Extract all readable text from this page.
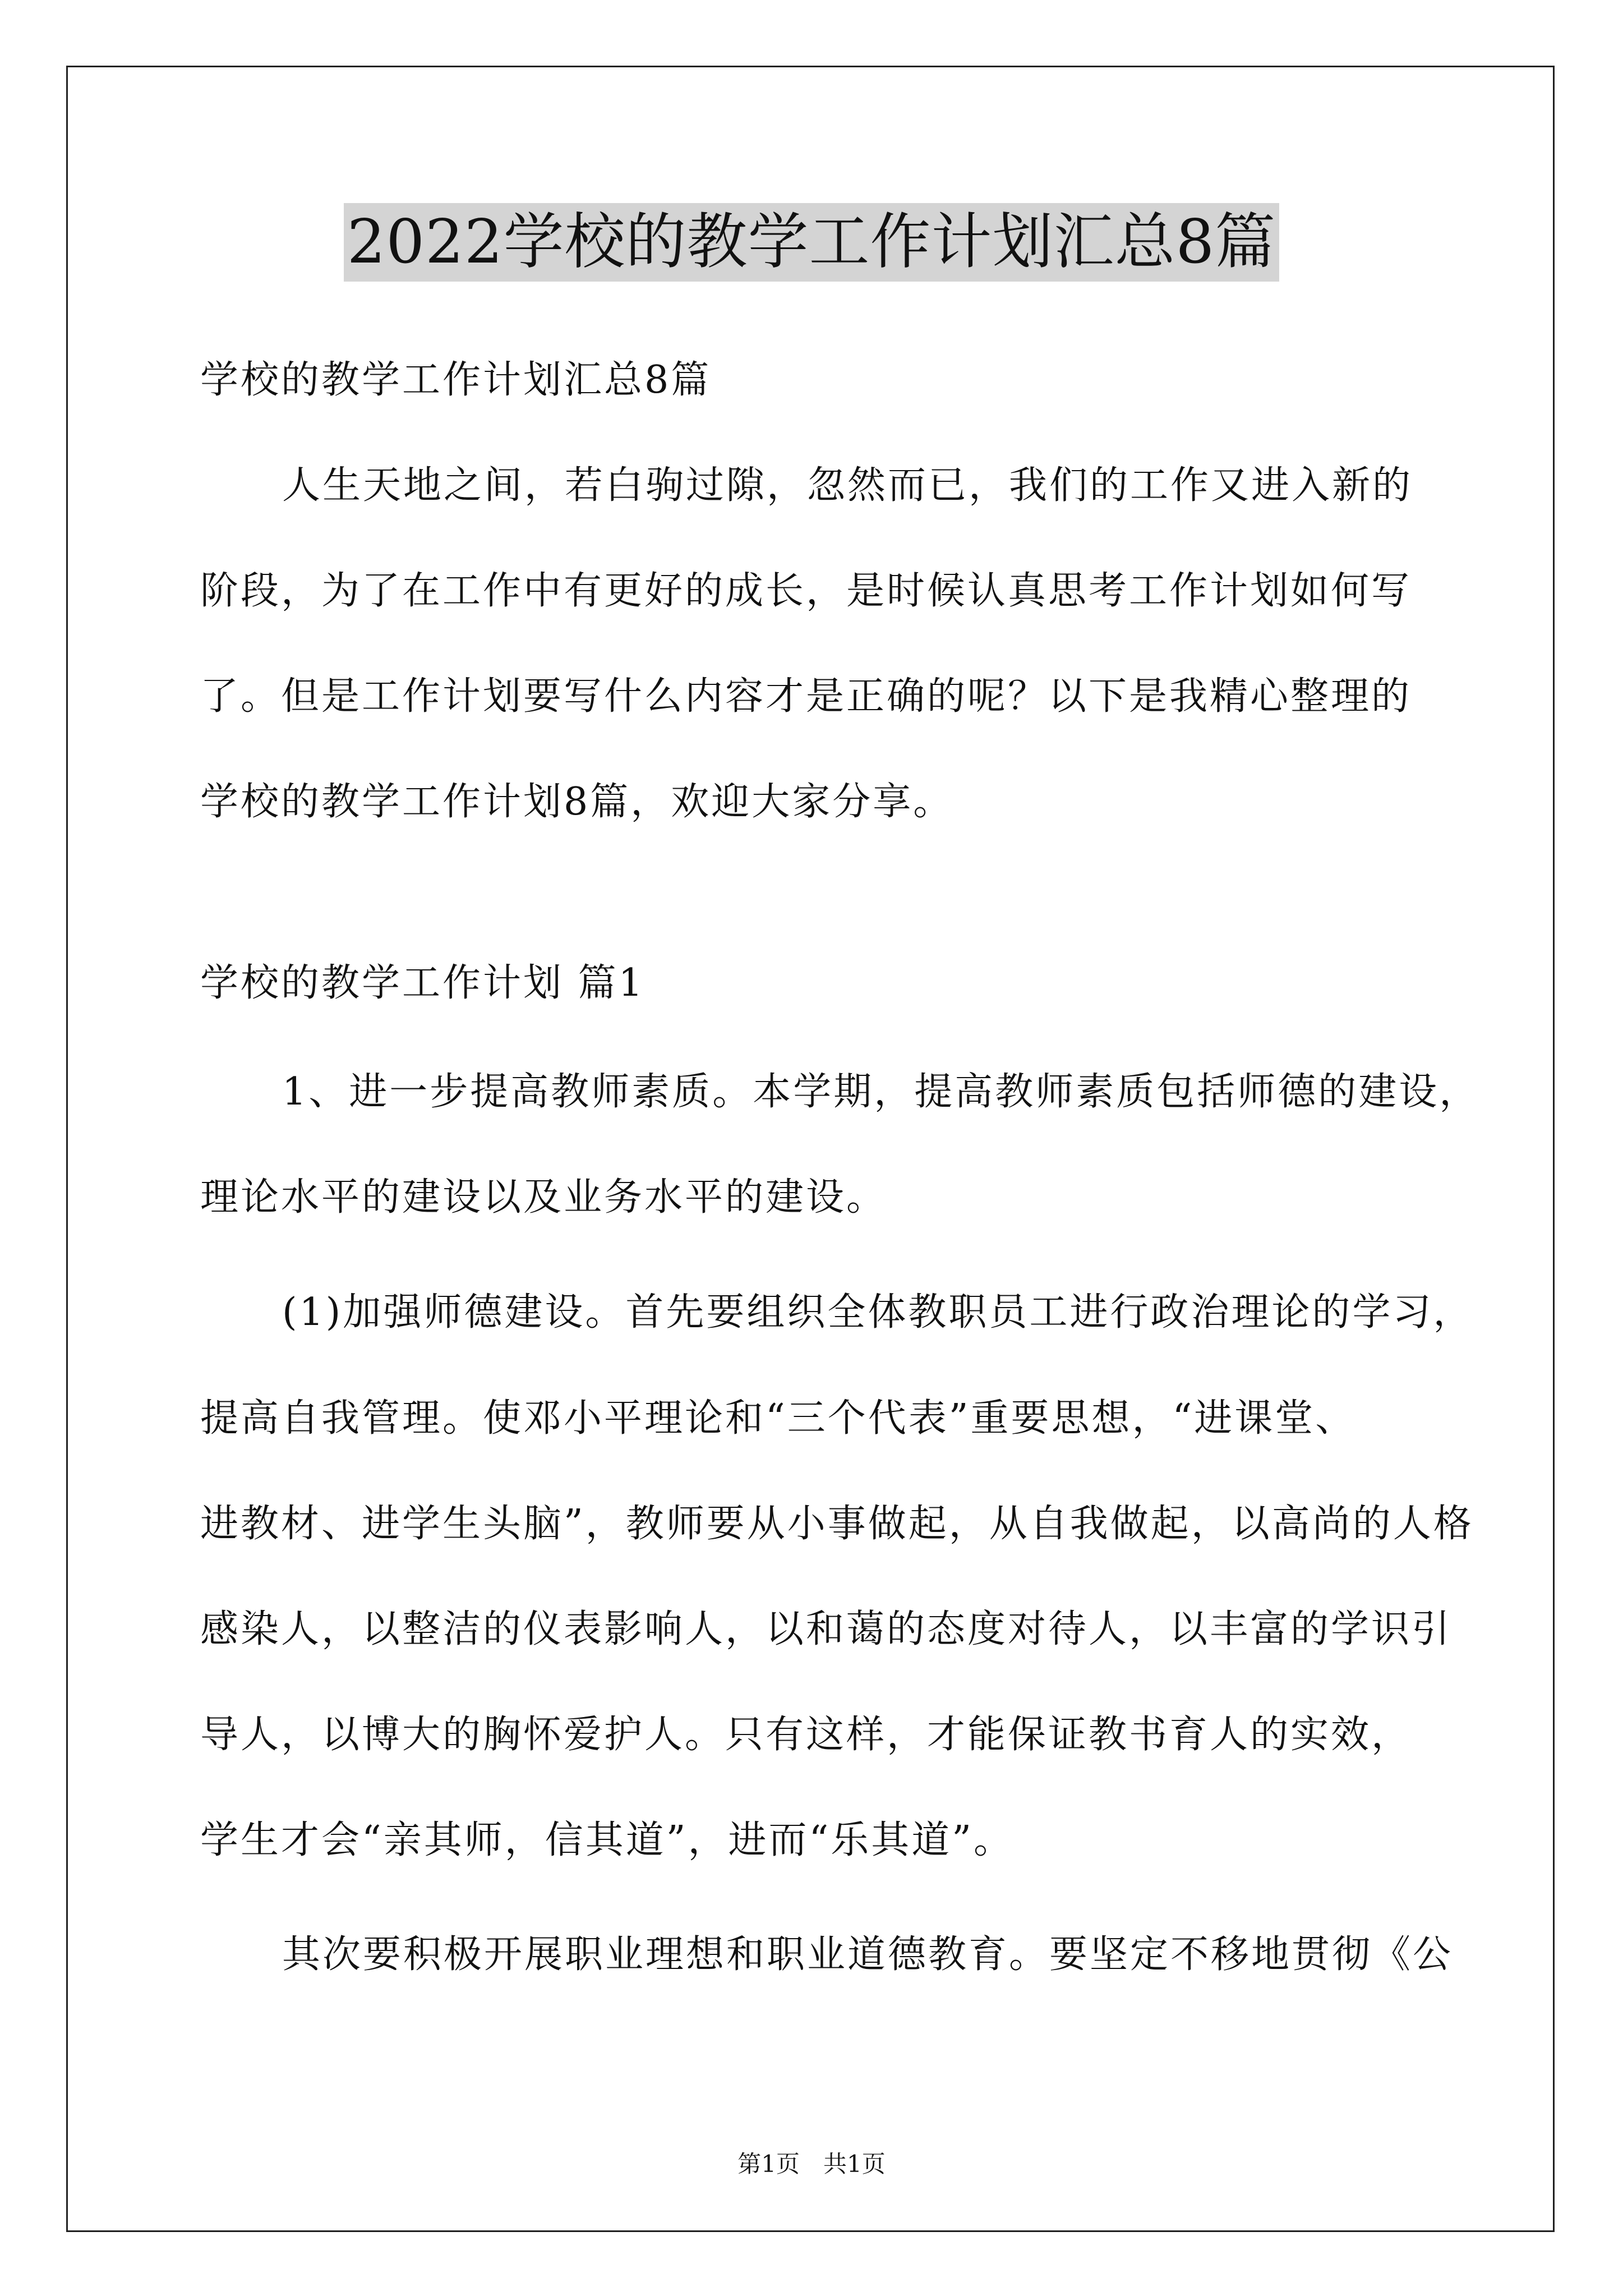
2022学校的教学工作计划汇总8篇
学校的教学工作计划汇总8篇
人生天地之间，若白驹过隙，忽然而已，我们的工作又进入新的
阶段，为了在工作中有更好的成长，是时候认真思考工作计划如何写
了。但是工作计划要写什么内容才是正确的呢？以下是我精心整理的
学校的教学工作计划8篇，欢迎大家分享。
学校的教学工作计划 篇1
1、进一步提高教师素质。本学期，提高教师素质包括师德的建设，
理论水平的建设以及业务水平的建设。
(1)加强师德建设。首先要组织全体教职员工进行政治理论的学习，
提高自我管理。使邓小平理论和“三个代表”重要思想，“进课堂、
进教材、进学生头脑”，教师要从小事做起，从自我做起，以高尚的人格
感染人，以整洁的仪表影响人，以和蔼的态度对待人，以丰富的学识引
导人，以博大的胸怀爱护人。只有这样，才能保证教书育人的实效，
学生才会“亲其师，信其道”，进而“乐其道”。
其次要积极开展职业理想和职业道德教育。要坚定不移地贯彻《公
第1页　共1页
